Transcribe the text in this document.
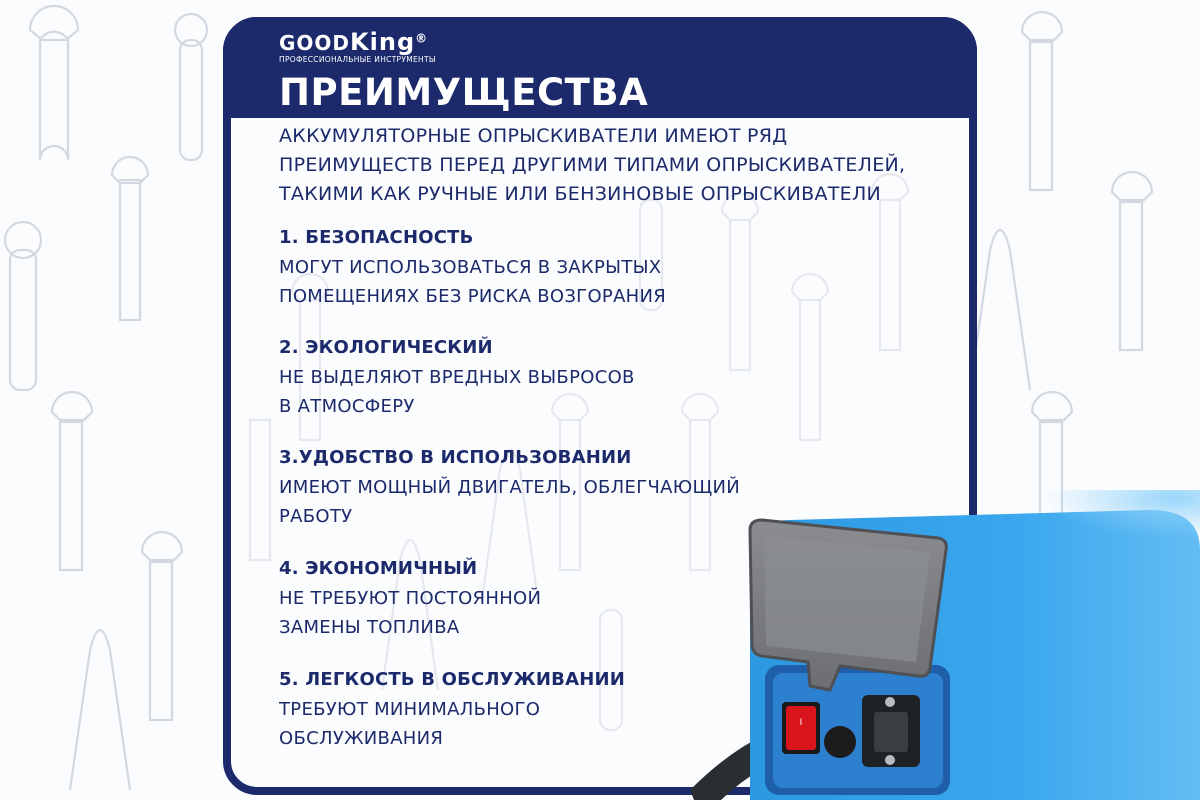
GOODKing®
ПРОФЕССИОНАЛЬНЫЕ ИНСТРУМЕНТЫ
ПРЕИМУЩЕСТВА
АККУМУЛЯТОРНЫЕ ОПРЫСКИВАТЕЛИ ИМЕЮТ РЯД
ПРЕИМУЩЕСТВ ПЕРЕД ДРУГИМИ ТИПАМИ ОПРЫСКИВАТЕЛЕЙ,
ТАКИМИ КАК РУЧНЫЕ ИЛИ БЕНЗИНОВЫЕ ОПРЫСКИВАТЕЛИ
1. БЕЗОПАСНОСТЬ
МОГУТ ИСПОЛЬЗОВАТЬСЯ В ЗАКРЫТЫХ
ПОМЕЩЕНИЯХ БЕЗ РИСКА ВОЗГОРАНИЯ
2. ЭКОЛОГИЧЕСКИЙ
НЕ ВЫДЕЛЯЮТ ВРЕДНЫХ ВЫБРОСОВ
В АТМОСФЕРУ
3.УДОБСТВО В ИСПОЛЬЗОВАНИИ
ИМЕЮТ МОЩНЫЙ ДВИГАТЕЛЬ, ОБЛЕГЧАЮЩИЙ
РАБОТУ
4. ЭКОНОМИЧНЫЙ
НЕ ТРЕБУЮТ ПОСТОЯННОЙ
ЗАМЕНЫ ТОПЛИВА
5. ЛЕГКОСТЬ В ОБСЛУЖИВАНИИ
ТРЕБУЮТ МИНИМАЛЬНОГО
ОБСЛУЖИВАНИЯ
I
